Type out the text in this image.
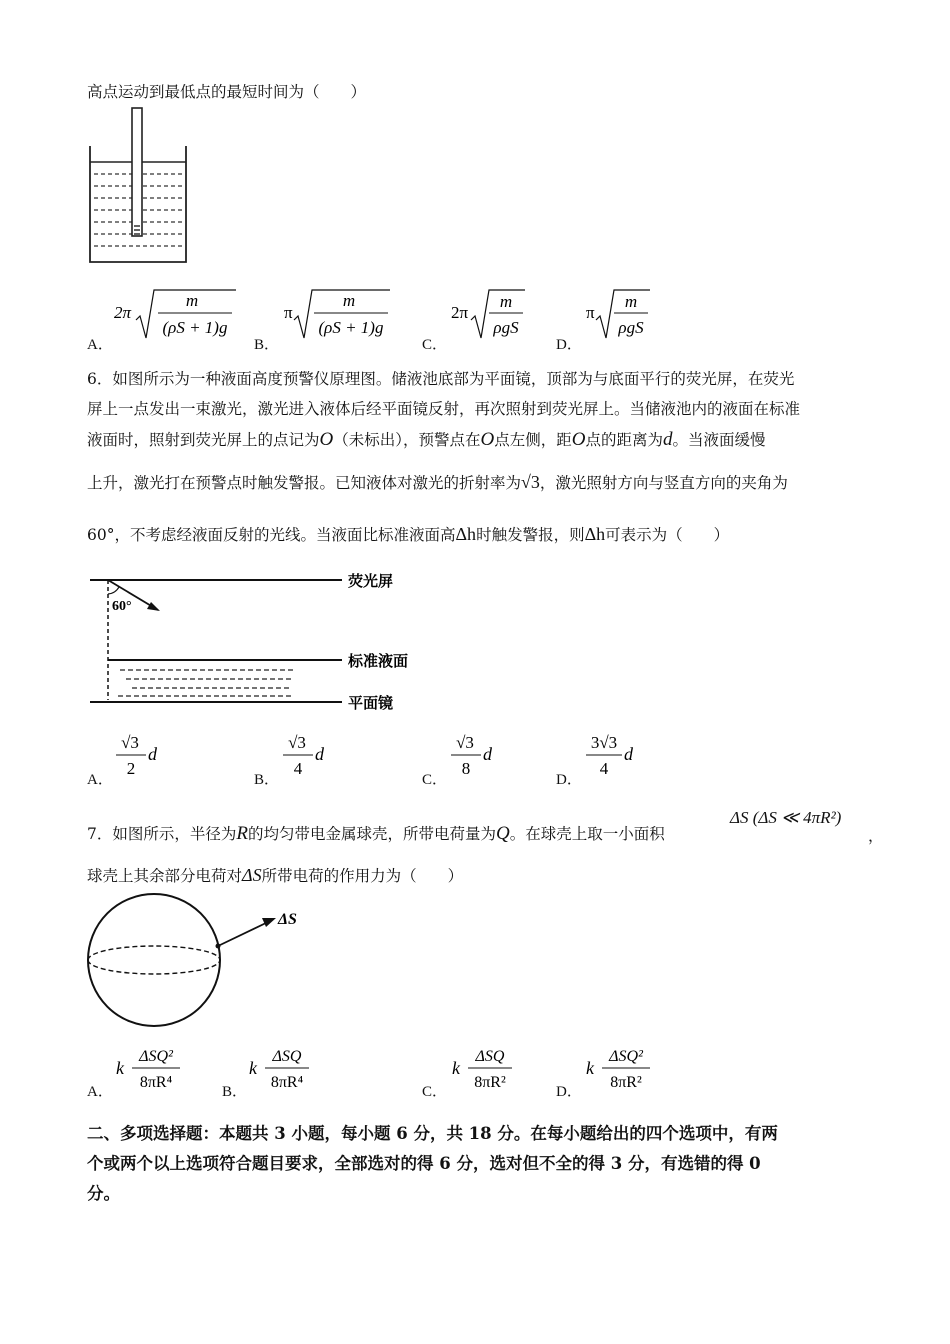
高点运动到最低点的最短时间为（　　）
A．
2π
m
(ρS + 1)g
B．
π
m
(ρS + 1)g
C．
2π
m
ρgS
D．
π
m
ρgS
6．如图所示为一种液面高度预警仪原理图。储液池底部为平面镜，顶部为与底面平行的荧光屏，在荧光
屏上一点发出一束激光，激光进入液体后经平面镜反射，再次照射到荧光屏上。当储液池内的液面在标准
液面时，照射到荧光屏上的点记为O（未标出），预警点在O点左侧，距O点的距离为d。当液面缓慢
上升，激光打在预警点时触发警报。已知液体对激光的折射率为√3，激光照射方向与竖直方向的夹角为
60°，不考虑经液面反射的光线。当液面比标准液面高Δh时触发警报，则Δh可表示为（　　）
60°
荧光屏
标准液面
平面镜
A．
√3
2
d
B．
√3
4
d
C．
√3
8
d
D．
3√3
4
d
7．如图所示，半径为R的均匀带电金属球壳，所带电荷量为Q。在球壳上取一小面积
ΔS (ΔS ≪ 4πR²)
，
球壳上其余部分电荷对ΔS所带电荷的作用力为（　　）
ΔS
A．
k
ΔSQ²
8πR⁴
B．
k
ΔSQ
8πR⁴
C．
k
ΔSQ
8πR²
D．
k
ΔSQ²
8πR²
二、多项选择题：本题共 3 小题，每小题 6 分，共 18 分。在每小题给出的四个选项中，有两
个或两个以上选项符合题目要求，全部选对的得 6 分，选对但不全的得 3 分，有选错的得 0
分。
